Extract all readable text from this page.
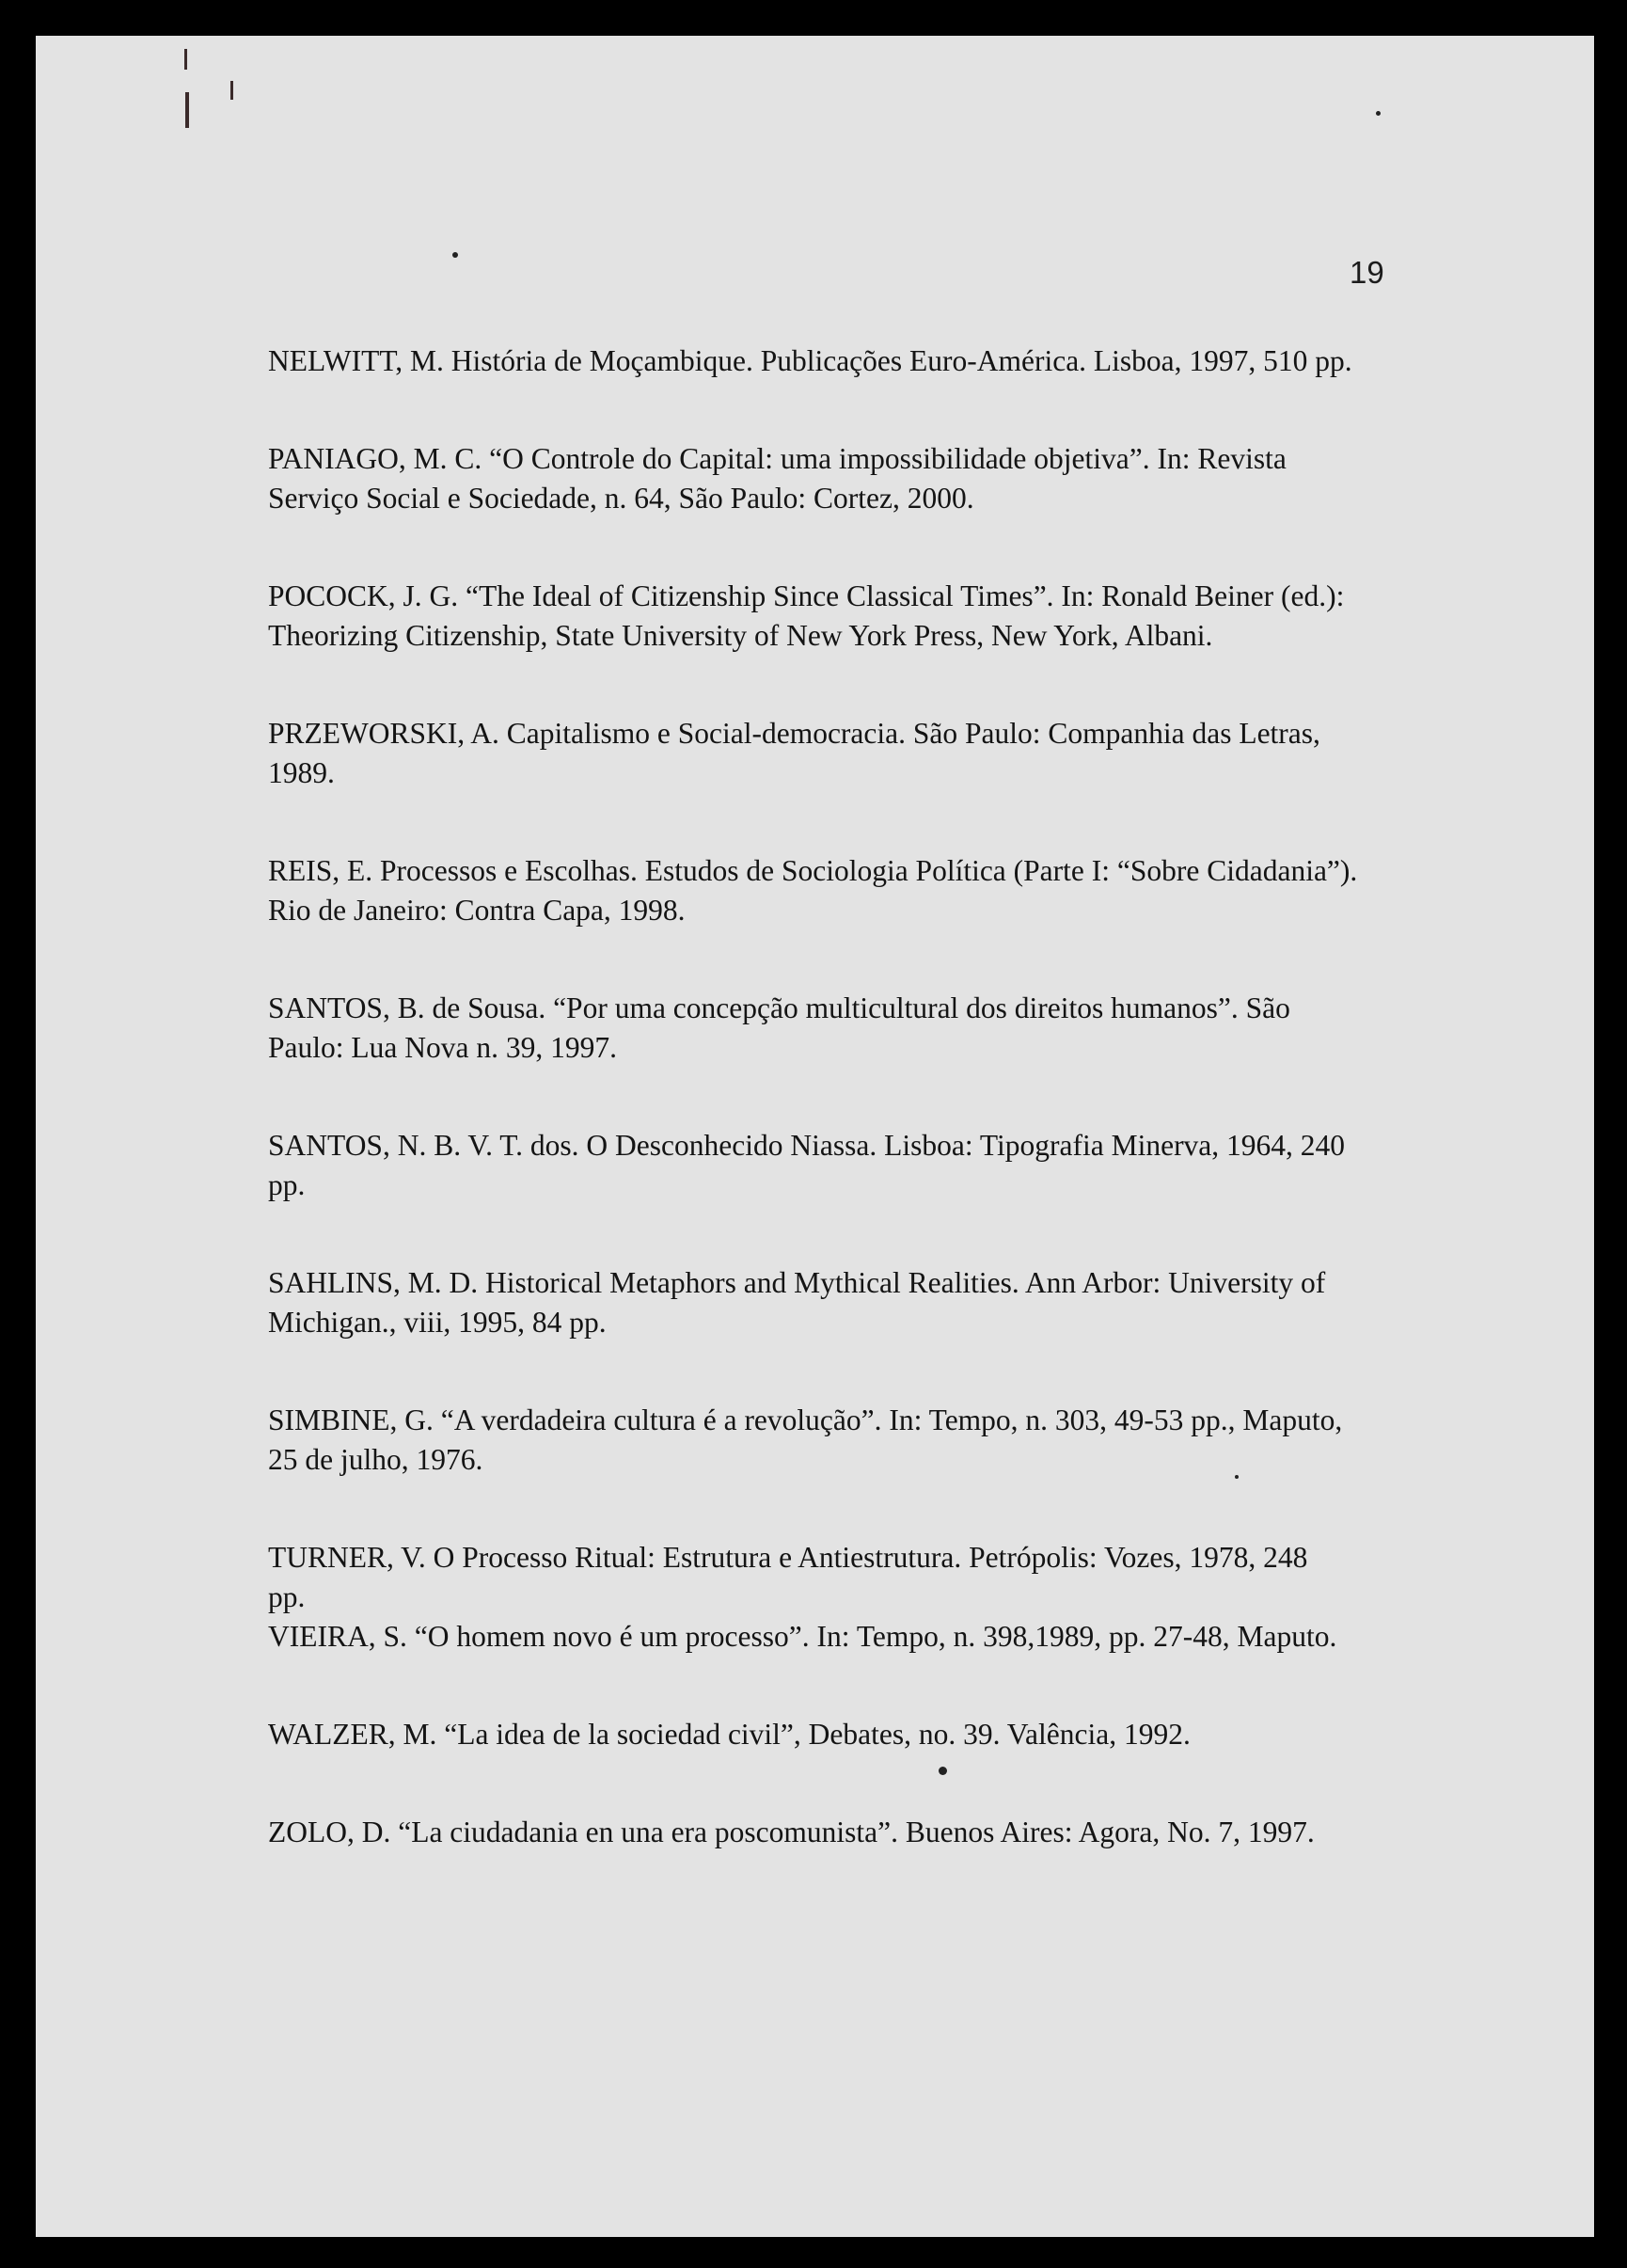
19
NELWITT, M. História de Moçambique. Publicações Euro-América. Lisboa, 1997, 510 pp.
PANIAGO, M. C. “O Controle do Capital: uma impossibilidade objetiva”. In: Revista
Serviço Social e Sociedade, n. 64, São Paulo: Cortez, 2000.
POCOCK, J. G. “The Ideal of Citizenship Since Classical Times”. In: Ronald Beiner (ed.):
Theorizing Citizenship, State University of New York Press, New York, Albani.
PRZEWORSKI, A. Capitalismo e Social-democracia. São Paulo: Companhia das Letras,
1989.
REIS, E. Processos e Escolhas. Estudos de Sociologia Política (Parte I: “Sobre Cidadania”).
Rio de Janeiro: Contra Capa, 1998.
SANTOS, B. de Sousa. “Por uma concepção multicultural dos direitos humanos”. São
Paulo: Lua Nova n. 39, 1997.
SANTOS, N. B. V. T. dos. O Desconhecido Niassa. Lisboa: Tipografia Minerva, 1964, 240
pp.
SAHLINS, M. D. Historical Metaphors and Mythical Realities. Ann Arbor: University of
Michigan., viii, 1995, 84 pp.
SIMBINE, G. “A verdadeira cultura é a revolução”. In: Tempo, n. 303, 49-53 pp., Maputo,
25 de julho, 1976.
TURNER, V. O Processo Ritual: Estrutura e Antiestrutura. Petrópolis: Vozes, 1978, 248
pp.
VIEIRA, S. “O homem novo é um processo”. In: Tempo, n. 398,1989, pp. 27-48, Maputo.
WALZER, M. “La idea de la sociedad civil”, Debates, no. 39. Valência, 1992.
ZOLO, D. “La ciudadania en una era poscomunista”. Buenos Aires: Agora, No. 7, 1997.
